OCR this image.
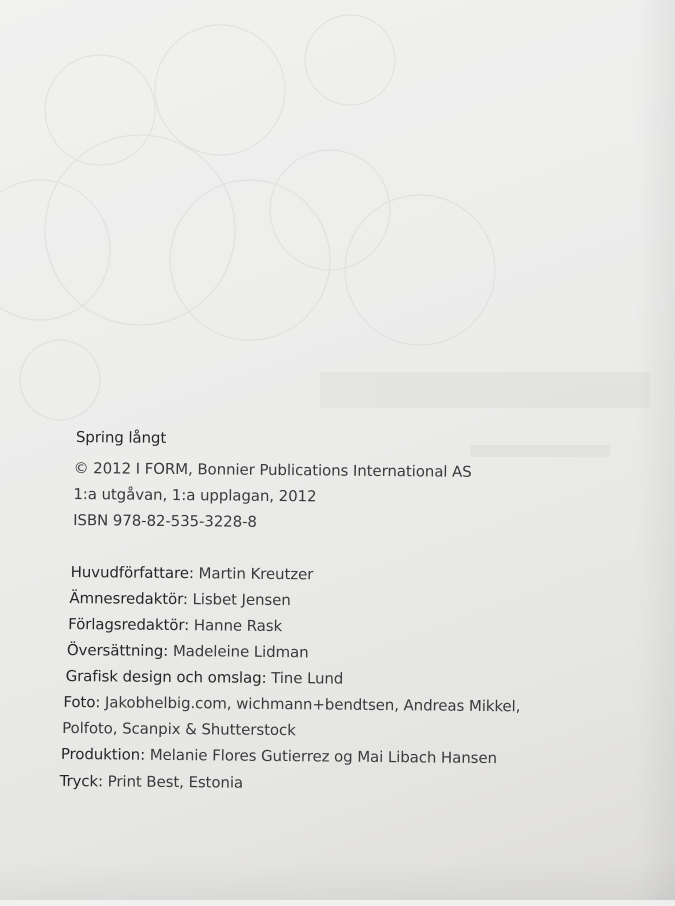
Spring långt
© 2012 I FORM, Bonnier Publications International AS
1:a utgåvan, 1:a upplagan, 2012
ISBN 978-82-535-3228-8
Huvudförfattare: Martin Kreutzer
Ämnesredaktör: Lisbet Jensen
Förlagsredaktör: Hanne Rask
Översättning: Madeleine Lidman
Grafisk design och omslag: Tine Lund
Foto: Jakobhelbig.com, wichmann+bendtsen, Andreas Mikkel,
Polfoto, Scanpix & Shutterstock
Produktion: Melanie Flores Gutierrez og Mai Libach Hansen
Tryck: Print Best, Estonia
